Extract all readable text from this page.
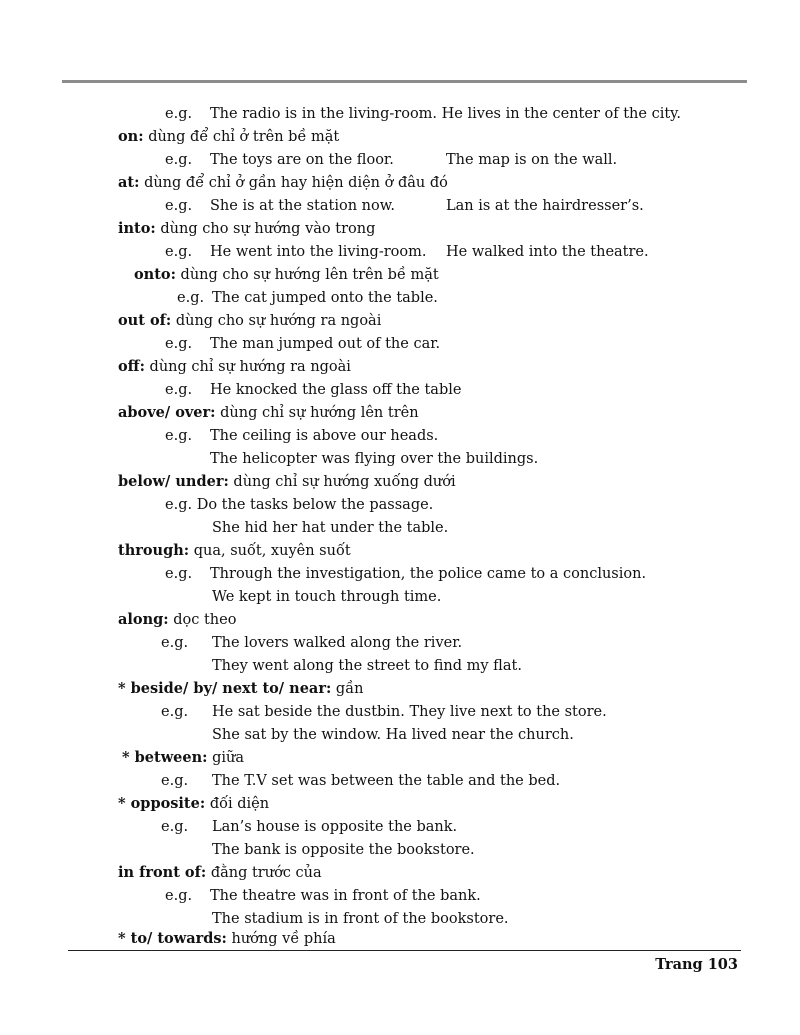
e.g. The radio is in the living-room. He lives in the center of the city.
on: dùng để chỉ ở trên bề mặt
e.g. The toys are on the floor.	The map is on the wall.
at: dùng để chỉ ở gần hay hiện diện ở đâu đó
e.g. She is at the station now.	Lan is at the hairdresser’s.
into: dùng cho sự hướng vào trong
e.g. He went into the living-room. He walked into the theatre.
onto: dùng cho sự hướng lên trên bề mặt
e.g. The cat jumped onto the table.
out of: dùng cho sự hướng ra ngoài
e.g. The man jumped out of the car.
off: dùng chỉ sự hướng ra ngoài
e.g. He knocked the glass off the table
above/ over: dùng chỉ sự hướng lên trên
e.g. The ceiling is above our heads.
The helicopter was flying over the buildings.
below/ under: dùng chỉ sự hướng xuống dưới
e.g. Do the tasks below the passage.
She hid her hat under the table.
through: qua, suốt, xuyên suốt
e.g. Through the investigation, the police came to a conclusion.
We kept in touch through time.
along: dọc theo
e.g. The lovers walked along the river.
They went along the street to find my flat.
* beside/ by/ next to/ near: gần
e.g. He sat beside the dustbin. They live next to the store.
She sat by the window. Ha lived near the church.
* between: giữa
e.g. The T.V set was between the table and the bed.
* opposite: đối diện
e.g. Lan’s house is opposite the bank.
The bank is opposite the bookstore.
in front of: đằng trước của
e.g. The theatre was in front of the bank.
The stadium is in front of the bookstore.
* to/ towards: hướng về phía
Trang 103
